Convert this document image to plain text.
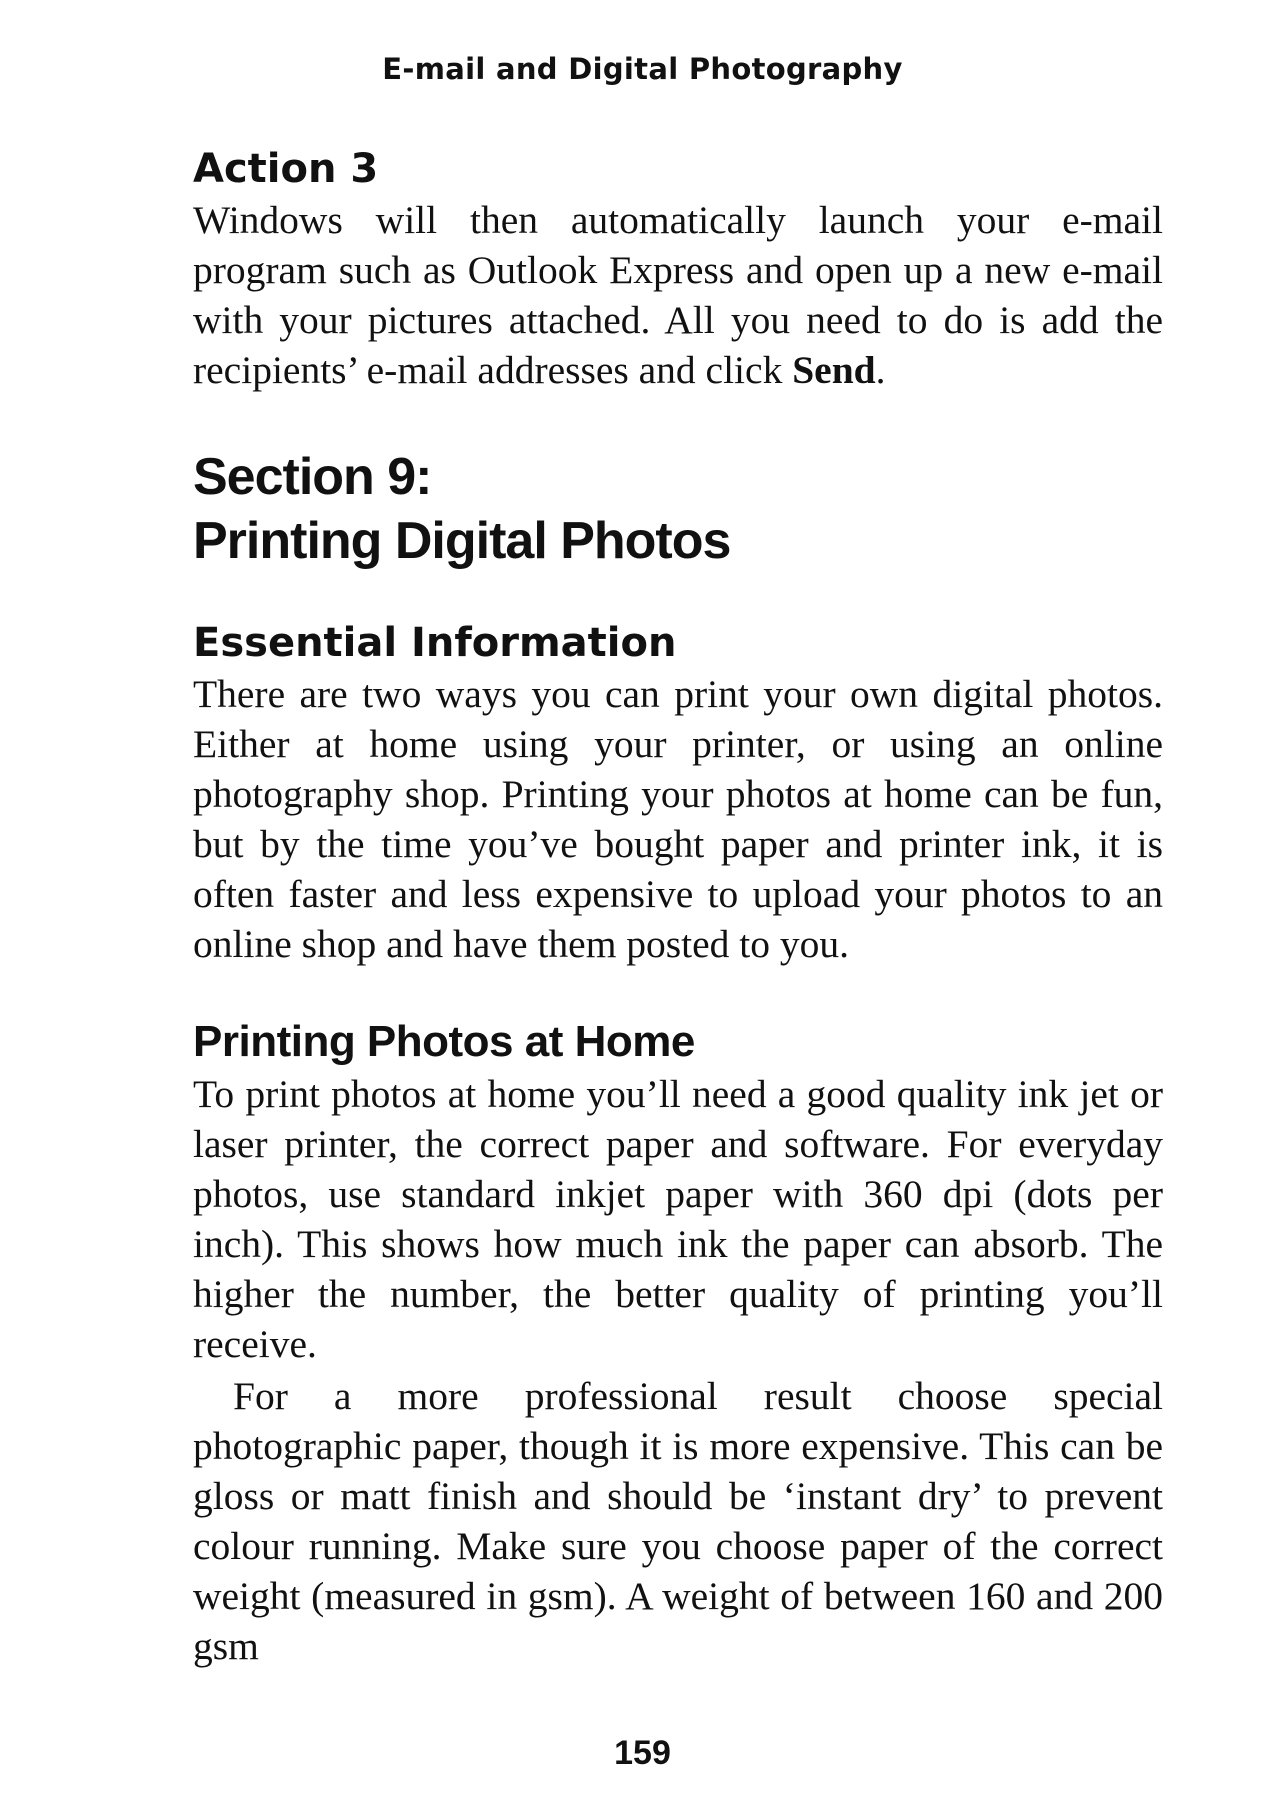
E-mail and Digital Photography
Action 3

Windows will then automatically launch your e-mail program such as Outlook Express and open up a new e-mail with your pictures attached. All you need to do is add the recipients’ e-mail addresses and click Send.

Section 9:
Printing Digital Photos
Essential Information

There are two ways you can print your own digital photos. Either at home using your printer, or using an online photography shop. Printing your photos at home can be fun, but by the time you’ve bought paper and printer ink, it is often faster and less expensive to upload your photos to an online shop and have them posted to you.

Printing Photos at Home

To print photos at home you’ll need a good quality ink jet or laser printer, the correct paper and software. For everyday photos, use standard inkjet paper with 360 dpi (dots per inch). This shows how much ink the paper can absorb. The higher the number, the better quality of printing you’ll receive.

For a more professional result choose special photographic paper, though it is more expensive. This can be gloss or matt finish and should be ‘instant dry’ to prevent colour running. Make sure you choose paper of the correct weight (measured in gsm). A weight of between 160 and 200 gsm

159
